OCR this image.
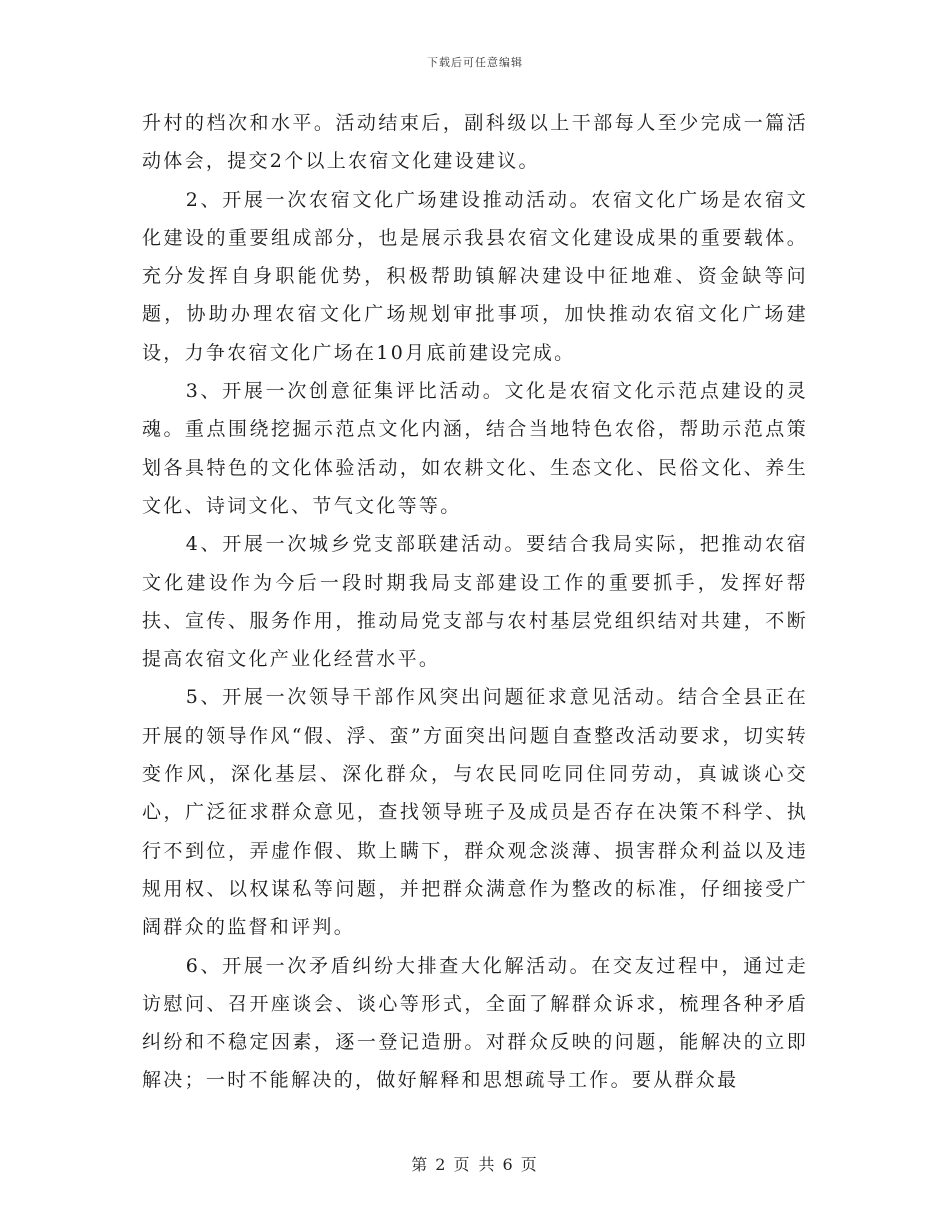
下载后可任意编辑

升村的档次和水平。活动结束后，副科级以上干部每人至少完成一篇活动体会，提交2个以上农宿文化建设建议。

2、开展一次农宿文化广场建设推动活动。农宿文化广场是农宿文化建设的重要组成部分，也是展示我县农宿文化建设成果的重要载体。充分发挥自身职能优势，积极帮助镇解决建设中征地难、资金缺等问题，协助办理农宿文化广场规划审批事项，加快推动农宿文化广场建设，力争农宿文化广场在10月底前建设完成。

3、开展一次创意征集评比活动。文化是农宿文化示范点建设的灵魂。重点围绕挖掘示范点文化内涵，结合当地特色农俗，帮助示范点策划各具特色的文化体验活动，如农耕文化、生态文化、民俗文化、养生文化、诗词文化、节气文化等等。

4、开展一次城乡党支部联建活动。要结合我局实际，把推动农宿文化建设作为今后一段时期我局支部建设工作的重要抓手，发挥好帮扶、宣传、服务作用，推动局党支部与农村基层党组织结对共建，不断提高农宿文化产业化经营水平。

5、开展一次领导干部作风突出问题征求意见活动。结合全县正在开展的领导作风“假、浮、蛮”方面突出问题自查整改活动要求，切实转变作风，深化基层、深化群众，与农民同吃同住同劳动，真诚谈心交心，广泛征求群众意见，查找领导班子及成员是否存在决策不科学、执行不到位，弄虚作假、欺上瞒下，群众观念淡薄、损害群众利益以及违规用权、以权谋私等问题，并把群众满意作为整改的标准，仔细接受广阔群众的监督和评判。

6、开展一次矛盾纠纷大排查大化解活动。在交友过程中，通过走访慰问、召开座谈会、谈心等形式，全面了解群众诉求，梳理各种矛盾纠纷和不稳定因素，逐一登记造册。对群众反映的问题，能解决的立即解决；一时不能解决的，做好解释和思想疏导工作。要从群众最

第 2 页 共 6 页
